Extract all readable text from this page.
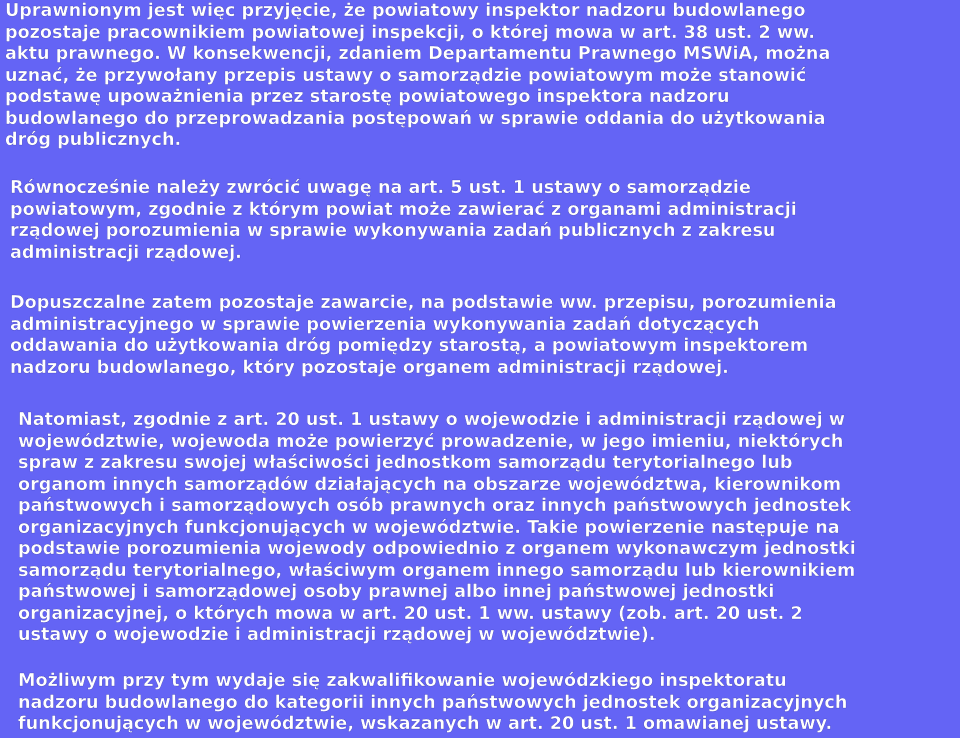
Uprawnionym jest więc przyjęcie, że powiatowy inspektor nadzoru budowlanego
pozostaje pracownikiem powiatowej inspekcji, o której mowa w art. 38 ust. 2 ww.
aktu prawnego. W konsekwencji, zdaniem Departamentu Prawnego MSWiA, można
uznać, że przywołany przepis ustawy o samorządzie powiatowym może stanowić
podstawę upoważnienia przez starostę powiatowego inspektora nadzoru
budowlanego do przeprowadzania postępowań w sprawie oddania do użytkowania
dróg publicznych.

Równocześnie należy zwrócić uwagę na art. 5 ust. 1 ustawy o samorządzie
powiatowym, zgodnie z którym powiat może zawierać z organami administracji
rządowej porozumienia w sprawie wykonywania zadań publicznych z zakresu
administracji rządowej.

Dopuszczalne zatem pozostaje zawarcie, na podstawie ww. przepisu, porozumienia
administracyjnego w sprawie powierzenia wykonywania zadań dotyczących
oddawania do użytkowania dróg pomiędzy starostą, a powiatowym inspektorem
nadzoru budowlanego, który pozostaje organem administracji rządowej.

Natomiast, zgodnie z art. 20 ust. 1 ustawy o wojewodzie i administracji rządowej w
województwie, wojewoda może powierzyć prowadzenie, w jego imieniu, niektórych
spraw z zakresu swojej właściwości jednostkom samorządu terytorialnego lub
organom innych samorządów działających na obszarze województwa, kierownikom
państwowych i samorządowych osób prawnych oraz innych państwowych jednostek
organizacyjnych funkcjonujących w województwie. Takie powierzenie następuje na
podstawie porozumienia wojewody odpowiednio z organem wykonawczym jednostki
samorządu terytorialnego, właściwym organem innego samorządu lub kierownikiem
państwowej i samorządowej osoby prawnej albo innej państwowej jednostki
organizacyjnej, o których mowa w art. 20 ust. 1 ww. ustawy (zob. art. 20 ust. 2
ustawy o wojewodzie i administracji rządowej w województwie).

Możliwym przy tym wydaje się zakwalifikowanie wojewódzkiego inspektoratu
nadzoru budowlanego do kategorii innych państwowych jednostek organizacyjnych
funkcjonujących w województwie, wskazanych w art. 20 ust. 1 omawianej ustawy.
